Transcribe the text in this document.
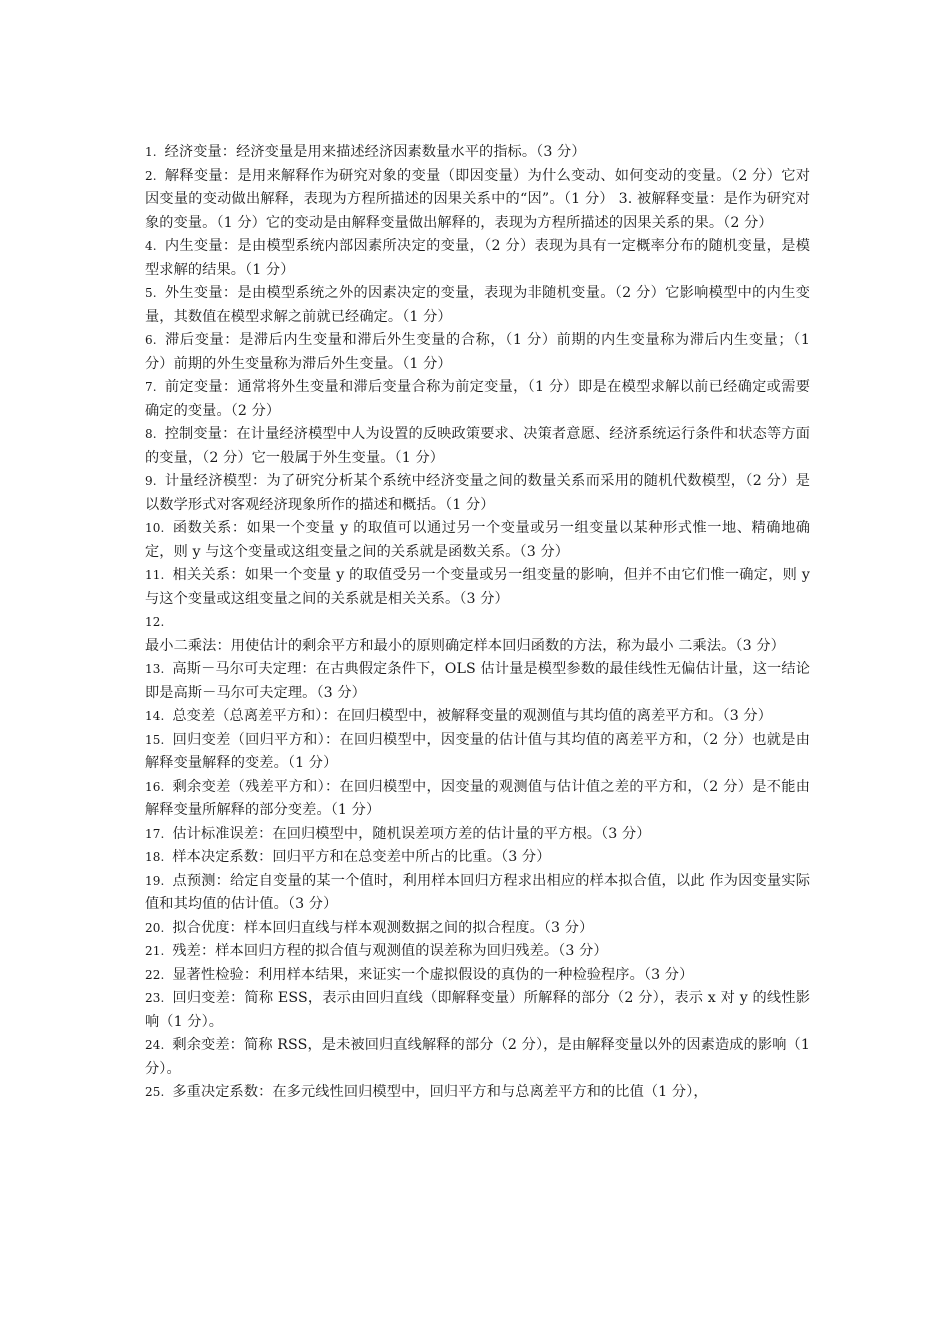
1. 经济变量：经济变量是用来描述经济因素数量水平的指标。（3 分）

2. 解释变量：是用来解释作为研究对象的变量（即因变量）为什么变动、如何变动的变量。（2 分）它对因变量的变动做出解释，表现为方程所描述的因果关系中的“因”。（1 分） 3. 被解释变量：是作为研究对象的变量。（1 分）它的变动是由解释变量做出解释的，表现为方程所描述的因果关系的果。（2 分）

4. 内生变量：是由模型系统内部因素所决定的变量，（2 分）表现为具有一定概率分布的随机变量，是模型求解的结果。（1 分）

5. 外生变量：是由模型系统之外的因素决定的变量，表现为非随机变量。（2 分）它影响模型中的内生变量，其数值在模型求解之前就已经确定。（1 分）

6. 滞后变量：是滞后内生变量和滞后外生变量的合称，（1 分）前期的内生变量称为滞后内生变量；（1 分）前期的外生变量称为滞后外生变量。（1 分）

7. 前定变量：通常将外生变量和滞后变量合称为前定变量，（1 分）即是在模型求解以前已经确定或需要确定的变量。（2 分）

8. 控制变量：在计量经济模型中人为设置的反映政策要求、决策者意愿、经济系统运行条件和状态等方面的变量，（2 分）它一般属于外生变量。（1 分）

9. 计量经济模型：为了研究分析某个系统中经济变量之间的数量关系而采用的随机代数模型，（2 分）是以数学形式对客观经济现象所作的描述和概括。（1 分）

10. 函数关系：如果一个变量 y 的取值可以通过另一个变量或另一组变量以某种形式惟一地、精确地确定，则 y 与这个变量或这组变量之间的关系就是函数关系。（3 分）

11. 相关关系：如果一个变量 y 的取值受另一个变量或另一组变量的影响，但并不由它们惟一确定，则 y 与这个变量或这组变量之间的关系就是相关关系。（3 分）

12.最小二乘法：用使估计的剩余平方和最小的原则确定样本回归函数的方法，称为最小 二乘法。（3 分）

13. 高斯－马尔可夫定理：在古典假定条件下，OLS 估计量是模型参数的最佳线性无偏估计量，这一结论即是高斯－马尔可夫定理。（3 分）

14. 总变差（总离差平方和）：在回归模型中，被解释变量的观测值与其均值的离差平方和。（3 分）

15. 回归变差（回归平方和）：在回归模型中，因变量的估计值与其均值的离差平方和，（2 分）也就是由解释变量解释的变差。（1 分）

16. 剩余变差（残差平方和）：在回归模型中，因变量的观测值与估计值之差的平方和，（2 分）是不能由解释变量所解释的部分变差。（1 分）

17. 估计标准误差：在回归模型中，随机误差项方差的估计量的平方根。（3 分）

18. 样本决定系数：回归平方和在总变差中所占的比重。（3 分）

19. 点预测：给定自变量的某一个值时，利用样本回归方程求出相应的样本拟合值，以此 作为因变量实际值和其均值的估计值。（3 分）

20. 拟合优度：样本回归直线与样本观测数据之间的拟合程度。（3 分）

21. 残差：样本回归方程的拟合值与观测值的误差称为回归残差。（3 分）

22. 显著性检验：利用样本结果，来证实一个虚拟假设的真伪的一种检验程序。（3 分）

23. 回归变差：简称 ESS，表示由回归直线（即解释变量）所解释的部分（2 分），表示 x 对 y 的线性影响（1 分）。

24. 剩余变差：简称 RSS，是未被回归直线解释的部分（2 分），是由解释变量以外的因素造成的影响（1 分）。

25. 多重决定系数：在多元线性回归模型中，回归平方和与总离差平方和的比值（1 分），
